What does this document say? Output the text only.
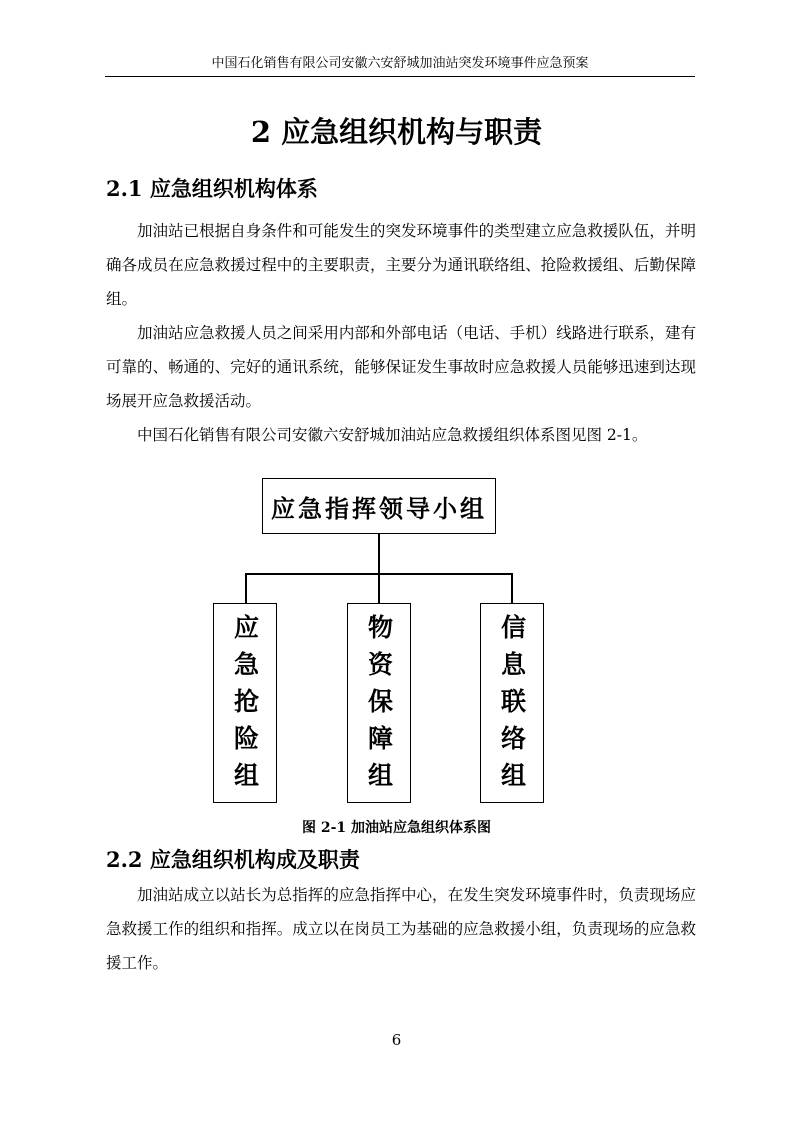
中国石化销售有限公司安徽六安舒城加油站突发环境事件应急预案
2 应急组织机构与职责
2.1 应急组织机构体系

加油站已根据自身条件和可能发生的突发环境事件的类型建立应急救援队伍，并明确各成员在应急救援过程中的主要职责，主要分为通讯联络组、抢险救援组、后勤保障组。

加油站应急救援人员之间采用内部和外部电话（电话、手机）线路进行联系，建有可靠的、畅通的、完好的通讯系统，能够保证发生事故时应急救援人员能够迅速到达现场展开应急救援活动。

中国石化销售有限公司安徽六安舒城加油站应急救援组织体系图见图 2-1。

应急指挥领导小组
应急抢险组	物资保障组	信息联络组
图 2-1 加油站应急组织体系图
2.2 应急组织机构成及职责

加油站成立以站长为总指挥的应急指挥中心，在发生突发环境事件时，负责现场应急救援工作的组织和指挥。成立以在岗员工为基础的应急救援小组，负责现场的应急救援工作。

6
